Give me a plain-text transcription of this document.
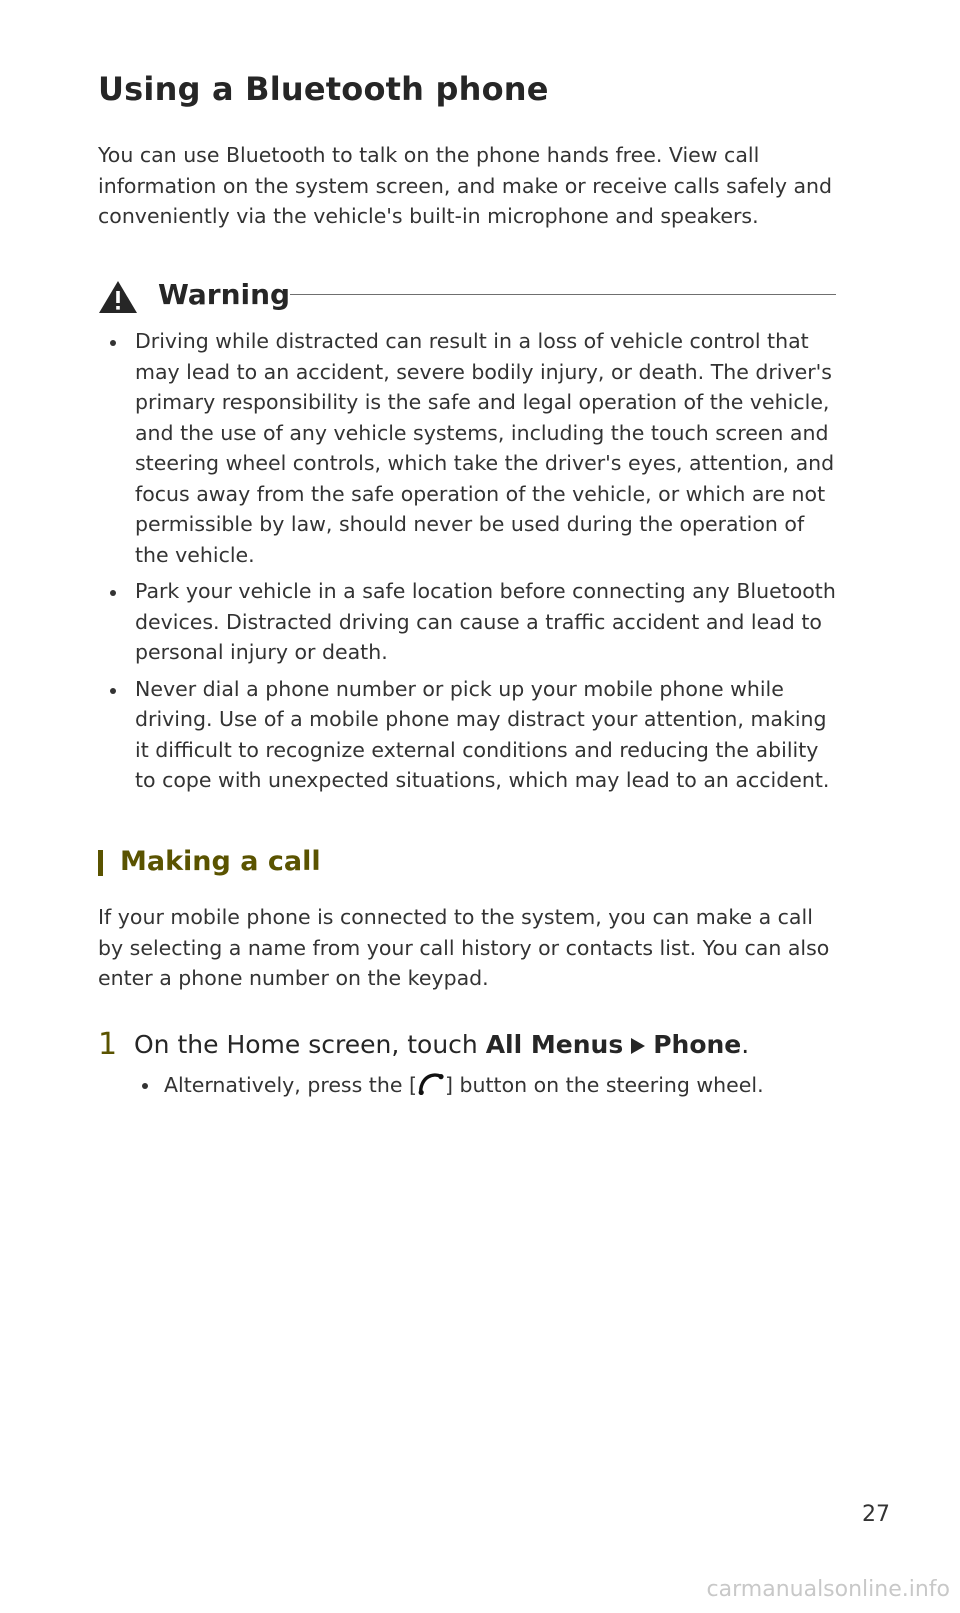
Using a Bluetooth phone

You can use Bluetooth to talk on the phone hands free. View call information on the system screen, and make or receive calls safely and conveniently via the vehicle's built-in microphone and speakers.

Warning
Driving while distracted can result in a loss of vehicle control that may lead to an accident, severe bodily injury, or death. The driver's primary responsibility is the safe and legal operation of the vehicle, and the use of any vehicle systems, including the touch screen and steering wheel controls, which take the driver's eyes, attention, and focus away from the safe operation of the vehicle, or which are not permissible by law, should never be used during the operation of the vehicle.
Park your vehicle in a safe location before connecting any Bluetooth devices. Distracted driving can cause a traffic accident and lead to personal injury or death.
Never dial a phone number or pick up your mobile phone while driving. Use of a mobile phone may distract your attention, making it difficult to recognize external conditions and reducing the ability to cope with unexpected situations, which may lead to an accident.
Making a call

If your mobile phone is connected to the system, you can make a call by selecting a name from your call history or contacts list. You can also enter a phone number on the keypad.

1 On the Home screen, touch All Menus Phone.
Alternatively, press the [ ] button on the steering wheel.
27
carmanualsonline.info
